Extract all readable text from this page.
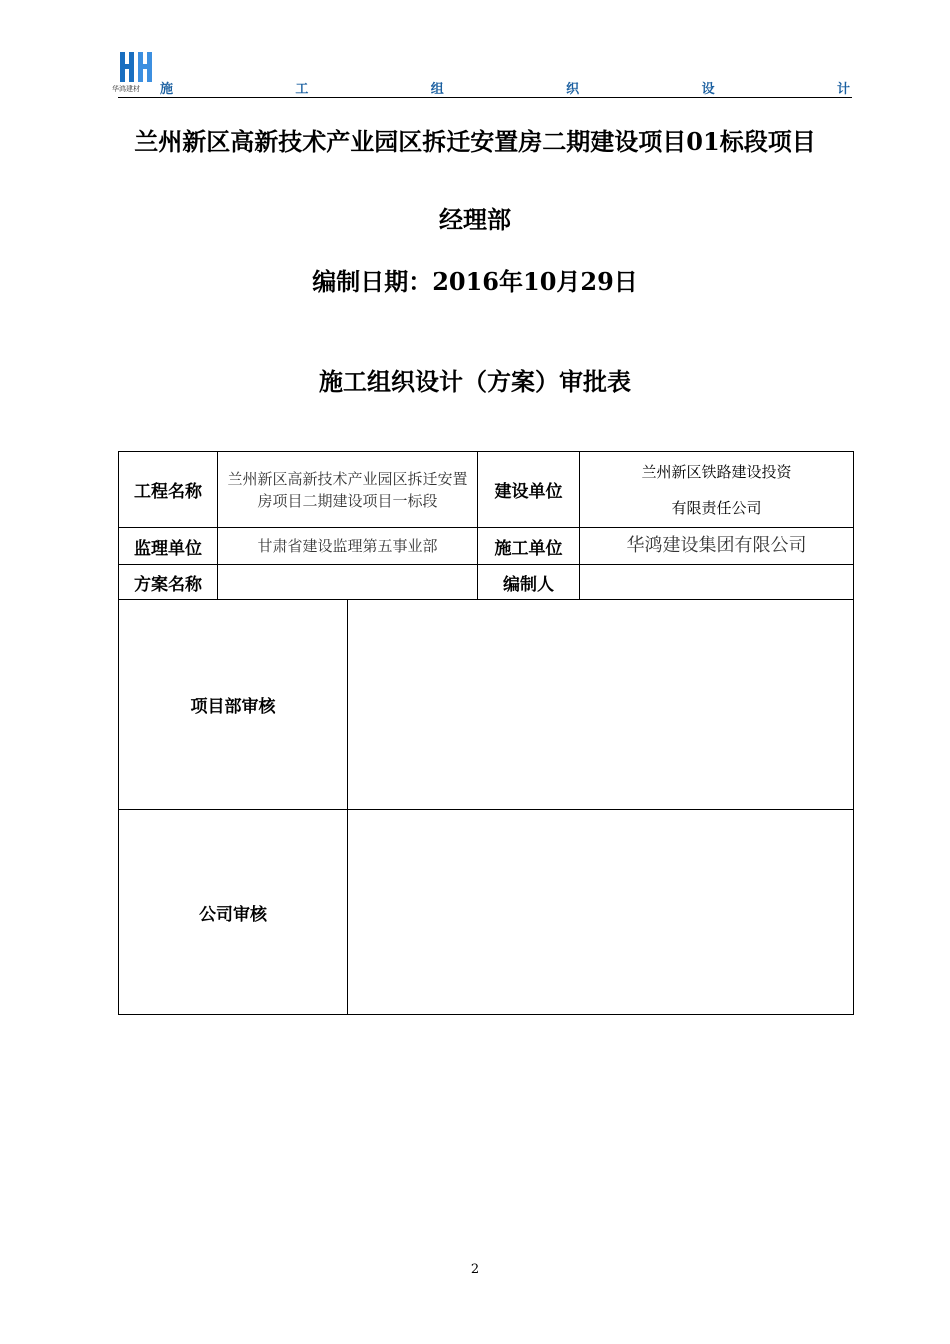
华鸿建材	施	工	组	织	设	计
兰州新区高新技术产业园区拆迁安置房二期建设项目01标段项目
经理部
编制日期：2016年10月29日
施工组织设计（方案）审批表
工程名称	兰州新区高新技术产业园区拆迁安置房项目二期建设项目一标段		建设单位	兰州新区铁路建设投资
有限责任公司

监理单位	甘肃省建设监理第五事业部		施工单位	华鸿建设集团有限公司
方案名称			编制人	
项目部审核				
公司审核				
2
